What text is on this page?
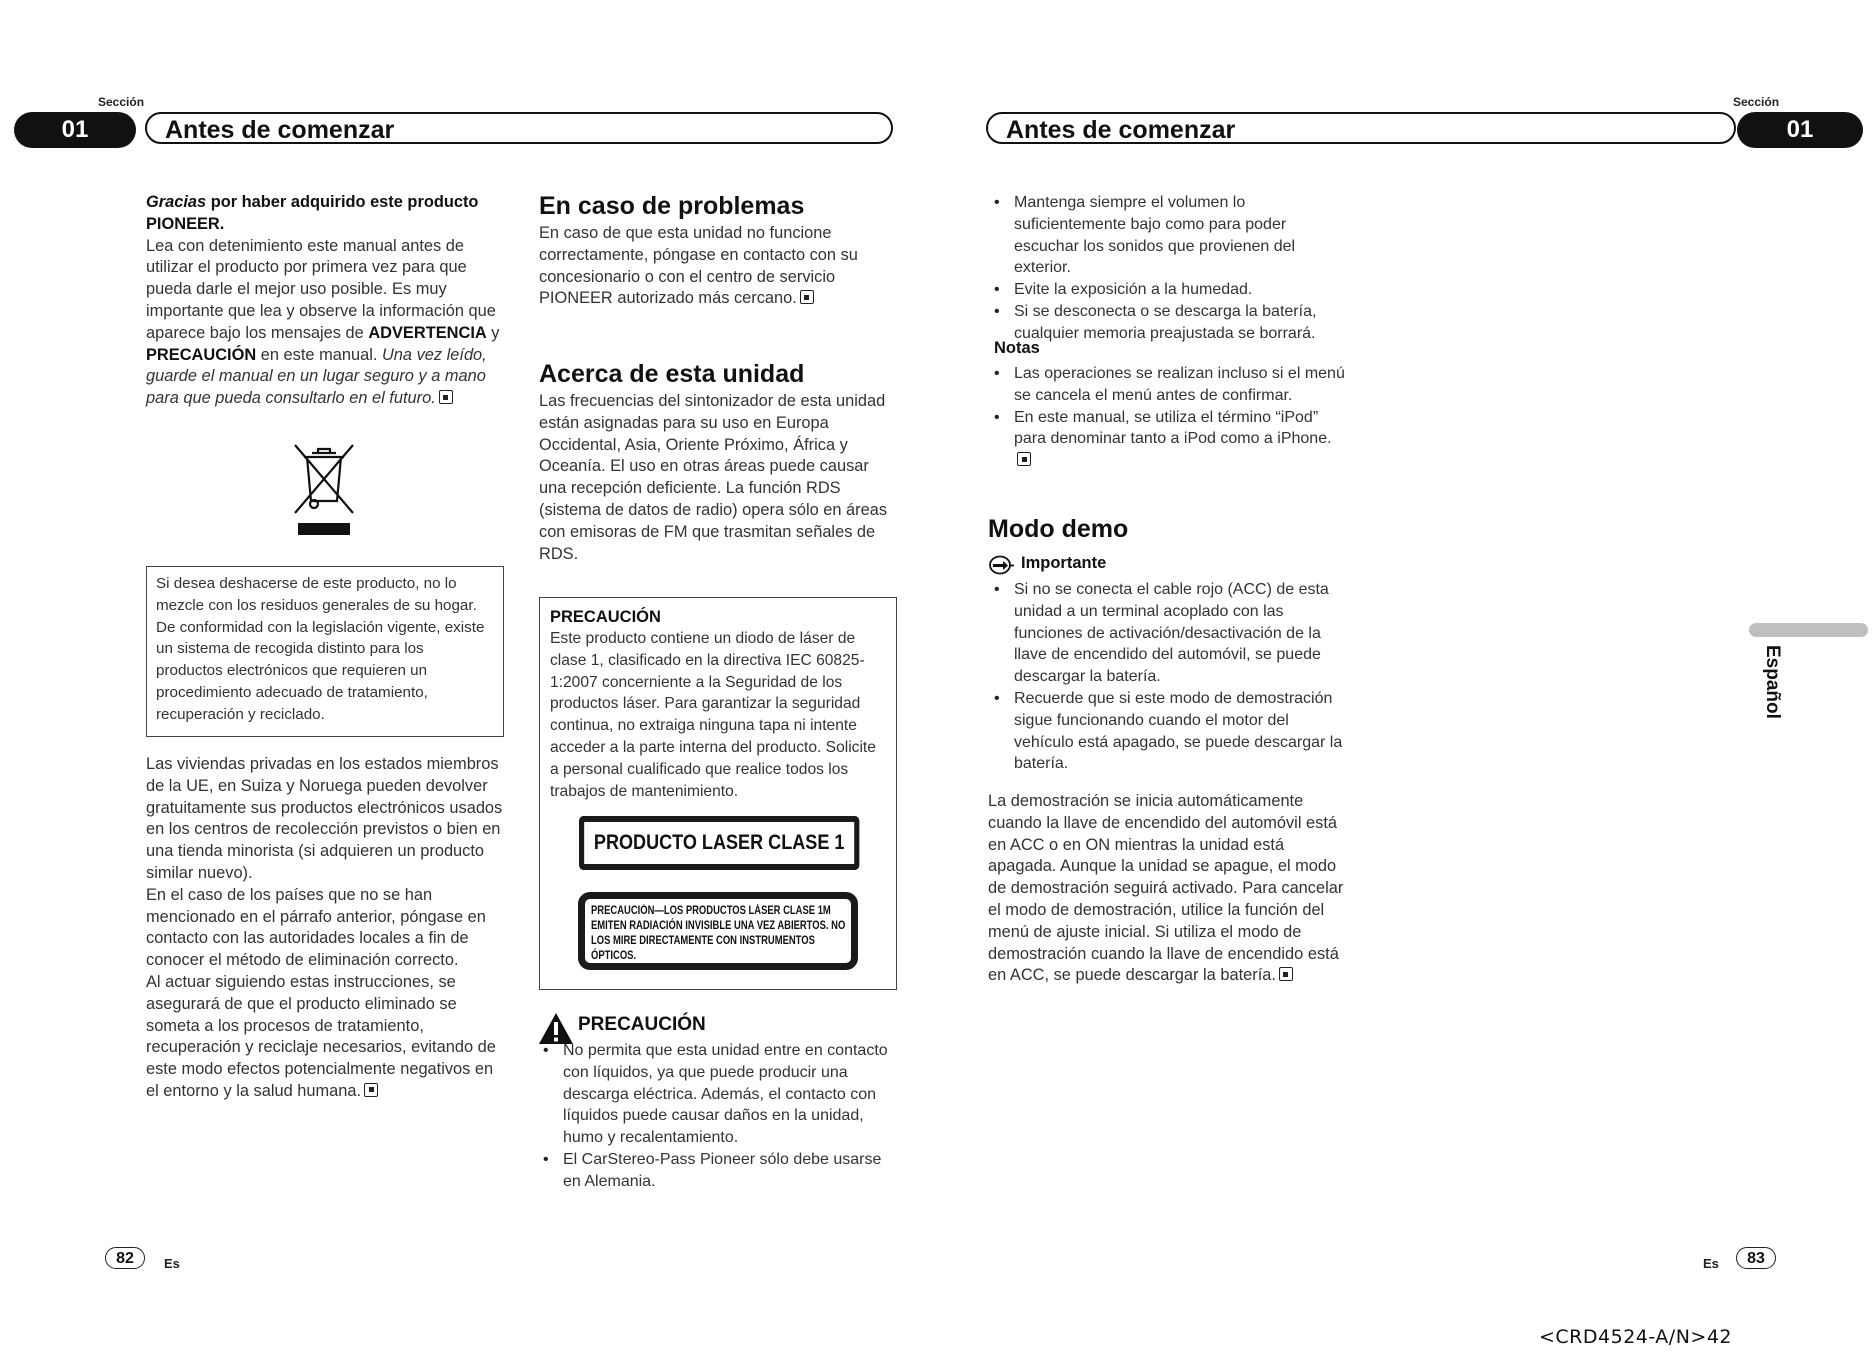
Sección
01	Antes de comenzar
Sección
01
Antes de comenzar

Gracias por haber adquirido este producto PIONEER.

Lea con detenimiento este manual antes de utilizar el producto por primera vez para que pueda darle el mejor uso posible. Es muy importante que lea y observe la información que aparece bajo los mensajes de ADVERTENCIA y PRECAUCIÓN en este manual. Una vez leído, guarde el manual en un lugar seguro y a mano para que pueda consultarlo en el futuro.

Si desea deshacerse de este producto, no lo mezcle con los residuos generales de su hogar. De conformidad con la legislación vigente, existe un sistema de recogida distinto para los productos electrónicos que requieren un procedimiento adecuado de tratamiento, recuperación y reciclado.

Las viviendas privadas en los estados miembros de la UE, en Suiza y Noruega pueden devolver gratuitamente sus productos electrónicos usados en los centros de recolección previstos o bien en una tienda minorista (si adquieren un producto similar nuevo).

En el caso de los países que no se han mencionado en el párrafo anterior, póngase en contacto con las autoridades locales a fin de conocer el método de eliminación correcto.

Al actuar siguiendo estas instrucciones, se asegurará de que el producto eliminado se someta a los procesos de tratamiento, recuperación y reciclaje necesarios, evitando de este modo efectos potencialmente negativos en el entorno y la salud humana.

En caso de problemas

En caso de que esta unidad no funcione correctamente, póngase en contacto con su concesionario o con el centro de servicio PIONEER autorizado más cercano.

Acerca de esta unidad

Las frecuencias del sintonizador de esta unidad están asignadas para su uso en Europa Occidental, Asia, Oriente Próximo, África y Oceanía. El uso en otras áreas puede causar una recepción deficiente. La función RDS (sistema de datos de radio) opera sólo en áreas con emisoras de FM que trasmitan señales de RDS.

PRECAUCIÓN

Este producto contiene un diodo de láser de clase 1, clasificado en la directiva IEC 60825-1:2007 concerniente a la Seguridad de los productos láser. Para garantizar la seguridad continua, no extraiga ninguna tapa ni intente acceder a la parte interna del producto. Solicite a personal cualificado que realice todos los trabajos de mantenimiento.

PRODUCTO LASER CLASE 1
PRECAUCIÓN—LOS PRODUCTOS LÁSER CLASE 1M EMITEN RADIACIÓN INVISIBLE UNA VEZ ABIERTOS. NO LOS MIRE DIRECTAMENTE CON INSTRUMENTOS ÓPTICOS.
PRECAUCIÓN
• No permita que esta unidad entre en contacto con líquidos, ya que puede producir una descarga eléctrica. Además, el contacto con líquidos puede causar daños en la unidad, humo y recalentamiento.
• El CarStereo-Pass Pioneer sólo debe usarse en Alemania.
• Mantenga siempre el volumen lo suficientemente bajo como para poder escuchar los sonidos que provienen del exterior.
• Evite la exposición a la humedad.
• Si se desconecta o se descarga la batería, cualquier memoria preajustada se borrará.
Notas
• Las operaciones se realizan incluso si el menú se cancela el menú antes de confirmar.
• En este manual, se utiliza el término “iPod” para denominar tanto a iPod como a iPhone.
Modo demo
Importante
• Si no se conecta el cable rojo (ACC) de esta unidad a un terminal acoplado con las funciones de activación/desactivación de la llave de encendido del automóvil, se puede descargar la batería.
• Recuerde que si este modo de demostración sigue funcionando cuando el motor del vehículo está apagado, se puede descargar la batería.

La demostración se inicia automáticamente cuando la llave de encendido del automóvil está en ACC o en ON mientras la unidad está apagada. Aunque la unidad se apague, el modo de demostración seguirá activado. Para cancelar el modo de demostración, utilice la función del menú de ajuste inicial. Si utiliza el modo de demostración cuando la llave de encendido está en ACC, se puede descargar la batería.

Español
82	Es	Es	83
<CRD4524-A/N>42
